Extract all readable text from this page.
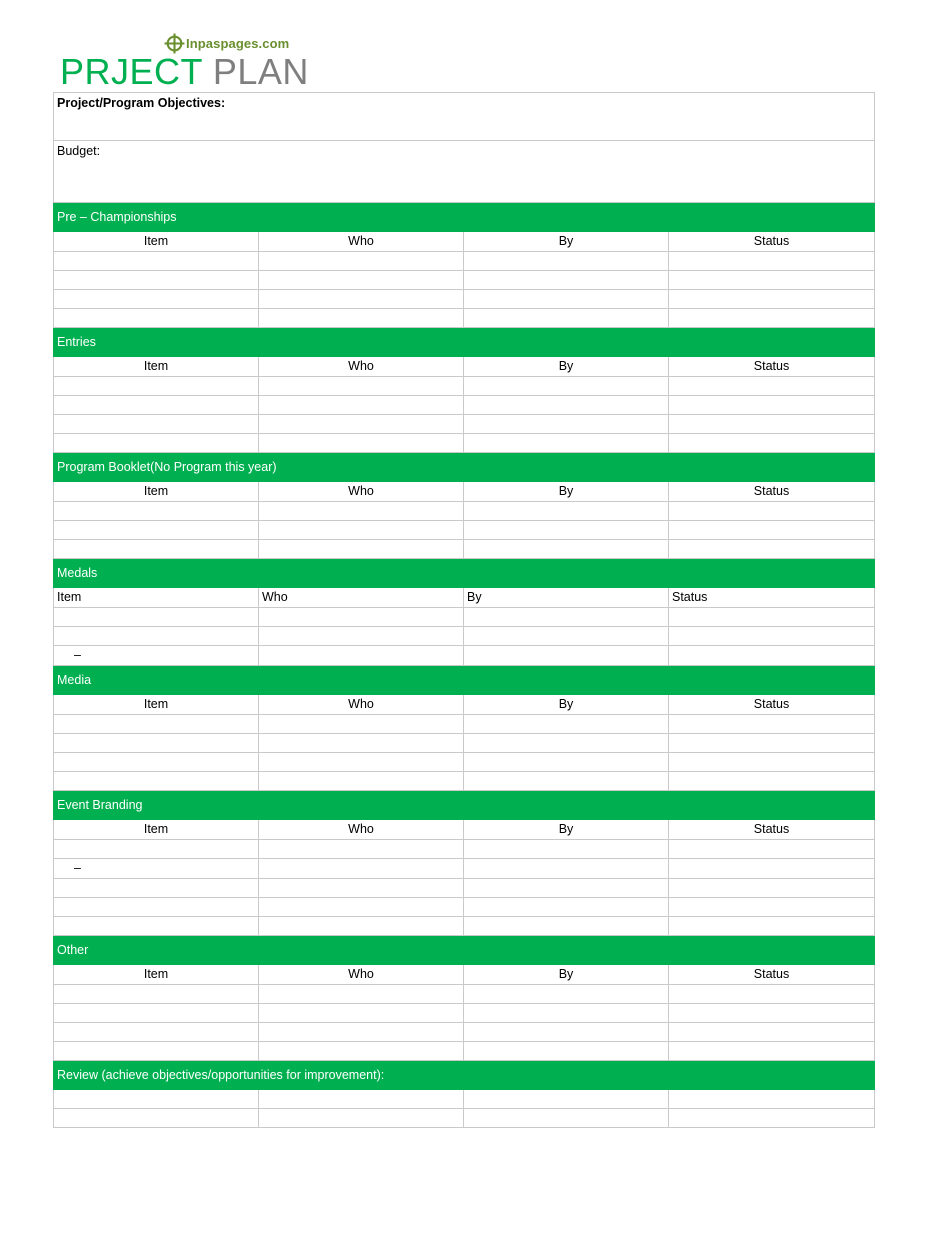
Inpaspages.com
PRJECT PLAN
Project/Program Objectives:			
Budget:			
Pre – Championships			
Item	Who	By	Status

Entries			
Item	Who	By	Status

Program Booklet(No Program this year)			
Item	Who	By	Status

Medals			
Item	Who	By	Status

–			
Media			
Item	Who	By	Status

Event Branding			
Item	Who	By	Status

–			

Other			
Item	Who	By	Status

Review (achieve objectives/opportunities for improvement):			
